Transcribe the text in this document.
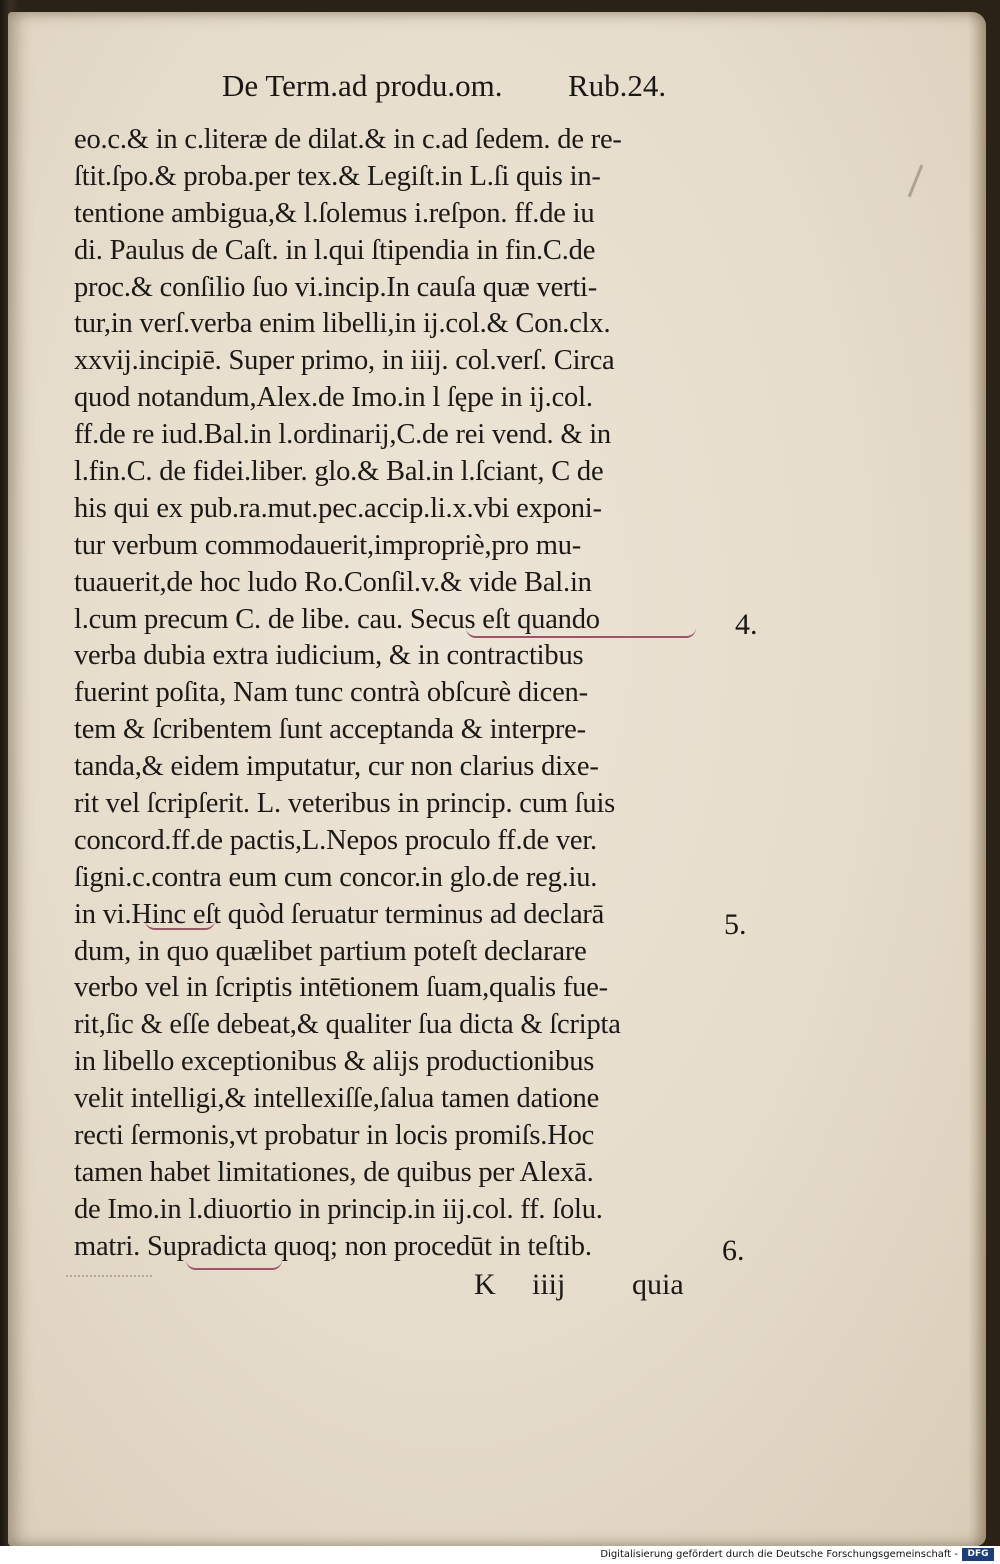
De Term.ad produ.om. Rub.24.
eo.c.& in c.literæ de dilat.& in c.ad ſedem. de re-
ſtit.ſpo.& proba.per tex.& Legiſt.in L.ſi quis in-
tentione ambigua,& l.ſolemus i.reſpon. ff.de iu
di. Paulus de Caſt. in l.qui ſtipendia in fin.C.de
proc.& conſilio ſuo vi.incip.In cauſa quæ verti-
tur,in verſ.verba enim libelli,in ij.col.& Con.clx.
xxvij.incipiē. Super primo, in iiij. col.verſ. Circa
quod notandum,Alex.de Imo.in l ſępe in ij.col.
ff.de re iud.Bal.in l.ordinarij,C.de rei vend. & in
l.fin.C. de fidei.liber. glo.& Bal.in l.ſciant, C de
his qui ex pub.ra.mut.pec.accip.li.x.vbi exponi-
tur verbum commodauerit,impropriè,pro mu-
tuauerit,de hoc ludo Ro.Conſil.v.& vide Bal.in
l.cum precum C. de libe. cau. Secus eſt quando
verba dubia extra iudicium, & in contractibus
fuerint poſita, Nam tunc contrà obſcurè dicen-
tem & ſcribentem ſunt acceptanda & interpre-
tanda,& eidem imputatur, cur non clarius dixe-
rit vel ſcripſerit. L. veteribus in princip. cum ſuis
concord.ff.de pactis,L.Nepos proculo ff.de ver.
ſigni.c.contra eum cum concor.in glo.de reg.iu.
in vi.Hinc eſt quòd ſeruatur terminus ad declarā
dum, in quo quælibet partium poteſt declarare
verbo vel in ſcriptis intētionem ſuam,qualis fue-
rit,ſic & eſſe debeat,& qualiter ſua dicta & ſcripta
in libello exceptionibus & alijs productionibus
velit intelligi,& intellexiſſe,ſalua tamen datione
recti ſermonis,vt probatur in locis promiſs.Hoc
tamen habet limitationes, de quibus per Alexā.
de Imo.in l.diuortio in princip.in iij.col. ff. ſolu.
matri. Supradicta quoq; non procedūt in teſtib.
4.
5.
6.
K iiij quia
Digitalisierung gefördert durch die Deutsche Forschungsgemeinschaft -	DFG
